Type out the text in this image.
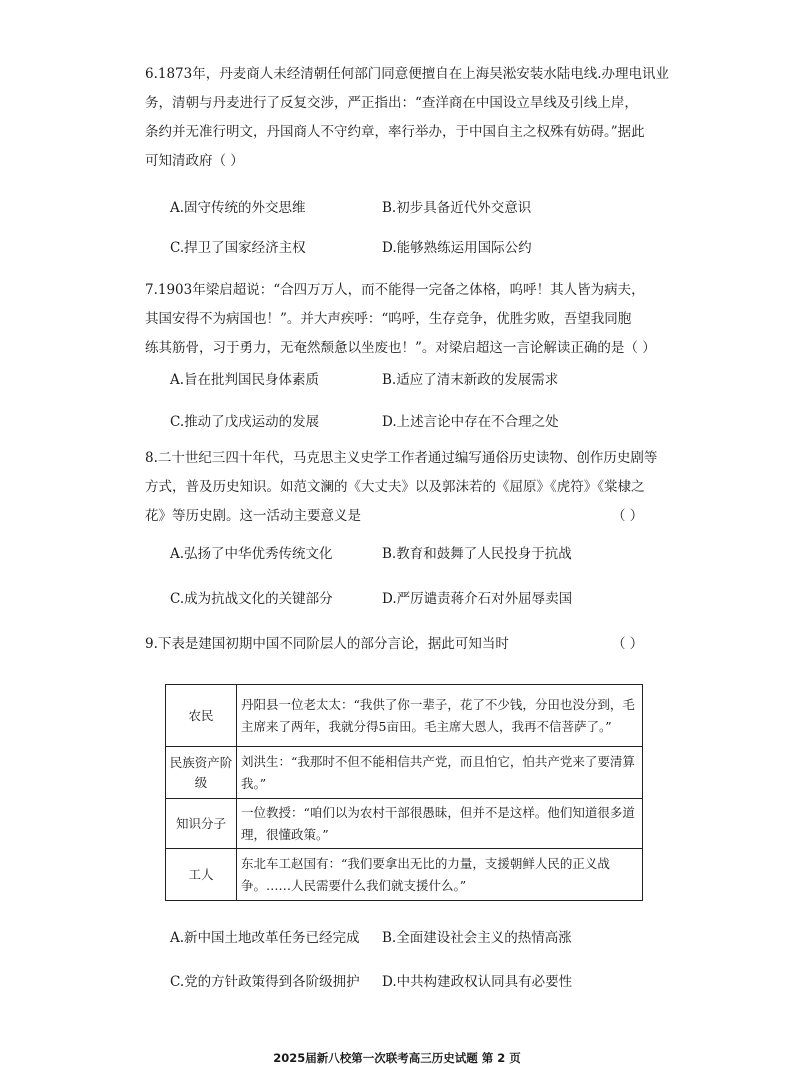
6.1873年，丹麦商人未经清朝任何部门同意便擅自在上海吴淞安装水陆电线.办理电讯业
务，清朝与丹麦进行了反复交涉，严正指出：“查洋商在中国设立旱线及引线上岸，
条约并无准行明文，丹国商人不守约章，率行举办，于中国自主之权殊有妨碍。”据此
可知清政府（ ）
A.固守传统的外交思维	B.初步具备近代外交意识
C.捍卫了国家经济主权	D.能够熟练运用国际公约
7.1903年梁启超说：“合四万万人，而不能得一完备之体格，呜呼！其人皆为病夫，
其国安得不为病国也！”。并大声疾呼：“呜呼，生存竞争，优胜劣败，吾望我同胞
练其筋骨，习于勇力，无奄然颓惫以坐废也！”。对梁启超这一言论解读正确的是（ ）
A.旨在批判国民身体素质	B.适应了清末新政的发展需求
C.推动了戊戌运动的发展	D.上述言论中存在不合理之处
8.二十世纪三四十年代，马克思主义史学工作者通过编写通俗历史读物、创作历史剧等
方式，普及历史知识。如范文澜的《大丈夫》以及郭沫若的《屈原》《虎符》《棠棣之
花》等历史剧。这一活动主要意义是	（ ）
A.弘扬了中华优秀传统文化	B.教育和鼓舞了人民投身于抗战
C.成为抗战文化的关键部分	D.严厉谴责蒋介石对外屈辱卖国
9.下表是建国初期中国不同阶层人的部分言论，据此可知当时	（ ）
农民	丹阳县一位老太太：“我供了你一辈子，花了不少钱，分田也没分到，毛
主席来了两年，我就分得5亩田。毛主席大恩人，我再不信菩萨了。”

民族资产阶级	刘洪生：“我那时不但不能相信共产党，而且怕它，怕共产党来了要清算
我。”

知识分子	一位教授：“咱们以为农村干部很愚昧，但并不是这样。他们知道很多道
理，很懂政策。”

工人	东北车工赵国有：“我们要拿出无比的力量，支援朝鲜人民的正义战
争。……人民需要什么我们就支援什么。”
A.新中国土地改革任务已经完成 B.全面建设社会主义的热情高涨
C.党的方针政策得到各阶级拥护 D.中共构建政权认同具有必要性
2025届新八校第一次联考高三历史试题 第 2 页
